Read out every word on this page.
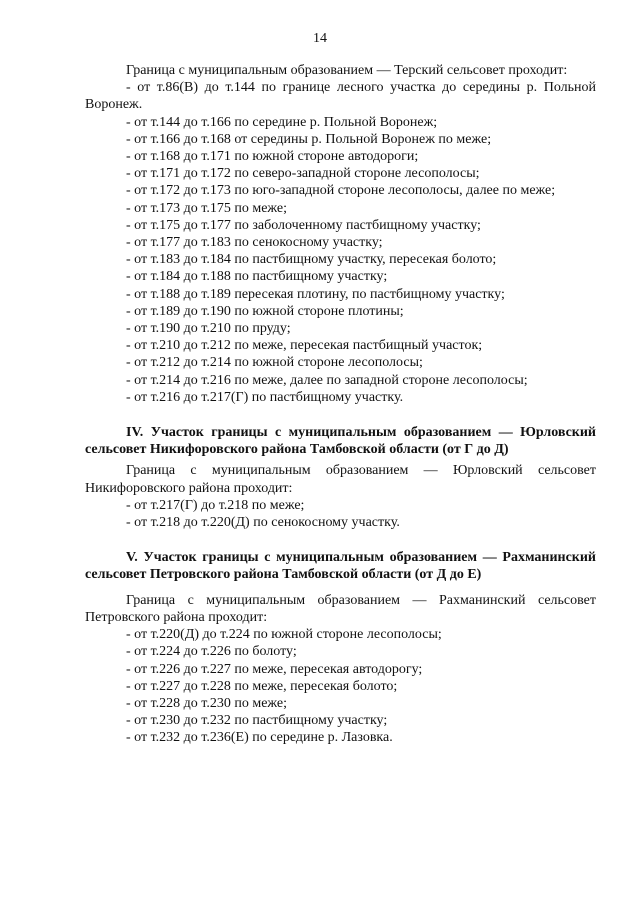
14

Граница с муниципальным образованием — Терский сельсовет проходит:

- от т.86(В) до т.144 по границе лесного участка до середины р. Польной Воронеж.

- от т.144 до т.166 по середине р. Польной Воронеж;
- от т.166 до т.168 от середины р. Польной Воронеж по меже;
- от т.168 до т.171 по южной стороне автодороги;
- от т.171 до т.172 по северо-западной стороне лесополосы;
- от т.172 до т.173 по юго-западной стороне лесополосы, далее по меже;
- от т.173 до т.175 по меже;
- от т.175 до т.177 по заболоченному пастбищному участку;
- от т.177 до т.183 по сенокосному участку;
- от т.183 до т.184 по пастбищному участку, пересекая болото;
- от т.184 до т.188 по пастбищному участку;
- от т.188 до т.189 пересекая плотину, по пастбищному участку;
- от т.189 до т.190 по южной стороне плотины;
- от т.190 до т.210 по пруду;
- от т.210 до т.212 по меже, пересекая пастбищный участок;
- от т.212 до т.214 по южной стороне лесополосы;
- от т.214 до т.216 по меже, далее по западной стороне лесополосы;
- от т.216 до т.217(Г) по пастбищному участку.

IV. Участок границы с муниципальным образованием — Юрловский сельсовет Никифоровского района Тамбовской области (от Г до Д)

Граница с муниципальным образованием — Юрловский сельсовет Никифоровского района проходит:

- от т.217(Г) до т.218 по меже;
- от т.218 до т.220(Д) по сенокосному участку.

V. Участок границы с муниципальным образованием — Рахманинский сельсовет Петровского района Тамбовской области (от Д до Е)

Граница с муниципальным образованием — Рахманинский сельсовет Петровского района проходит:

- от т.220(Д) до т.224 по южной стороне лесополосы;
- от т.224 до т.226 по болоту;
- от т.226 до т.227 по меже, пересекая автодорогу;
- от т.227 до т.228 по меже, пересекая болото;
- от т.228 до т.230 по меже;
- от т.230 до т.232 по пастбищному участку;
- от т.232 до т.236(Е) по середине р. Лазовка.
